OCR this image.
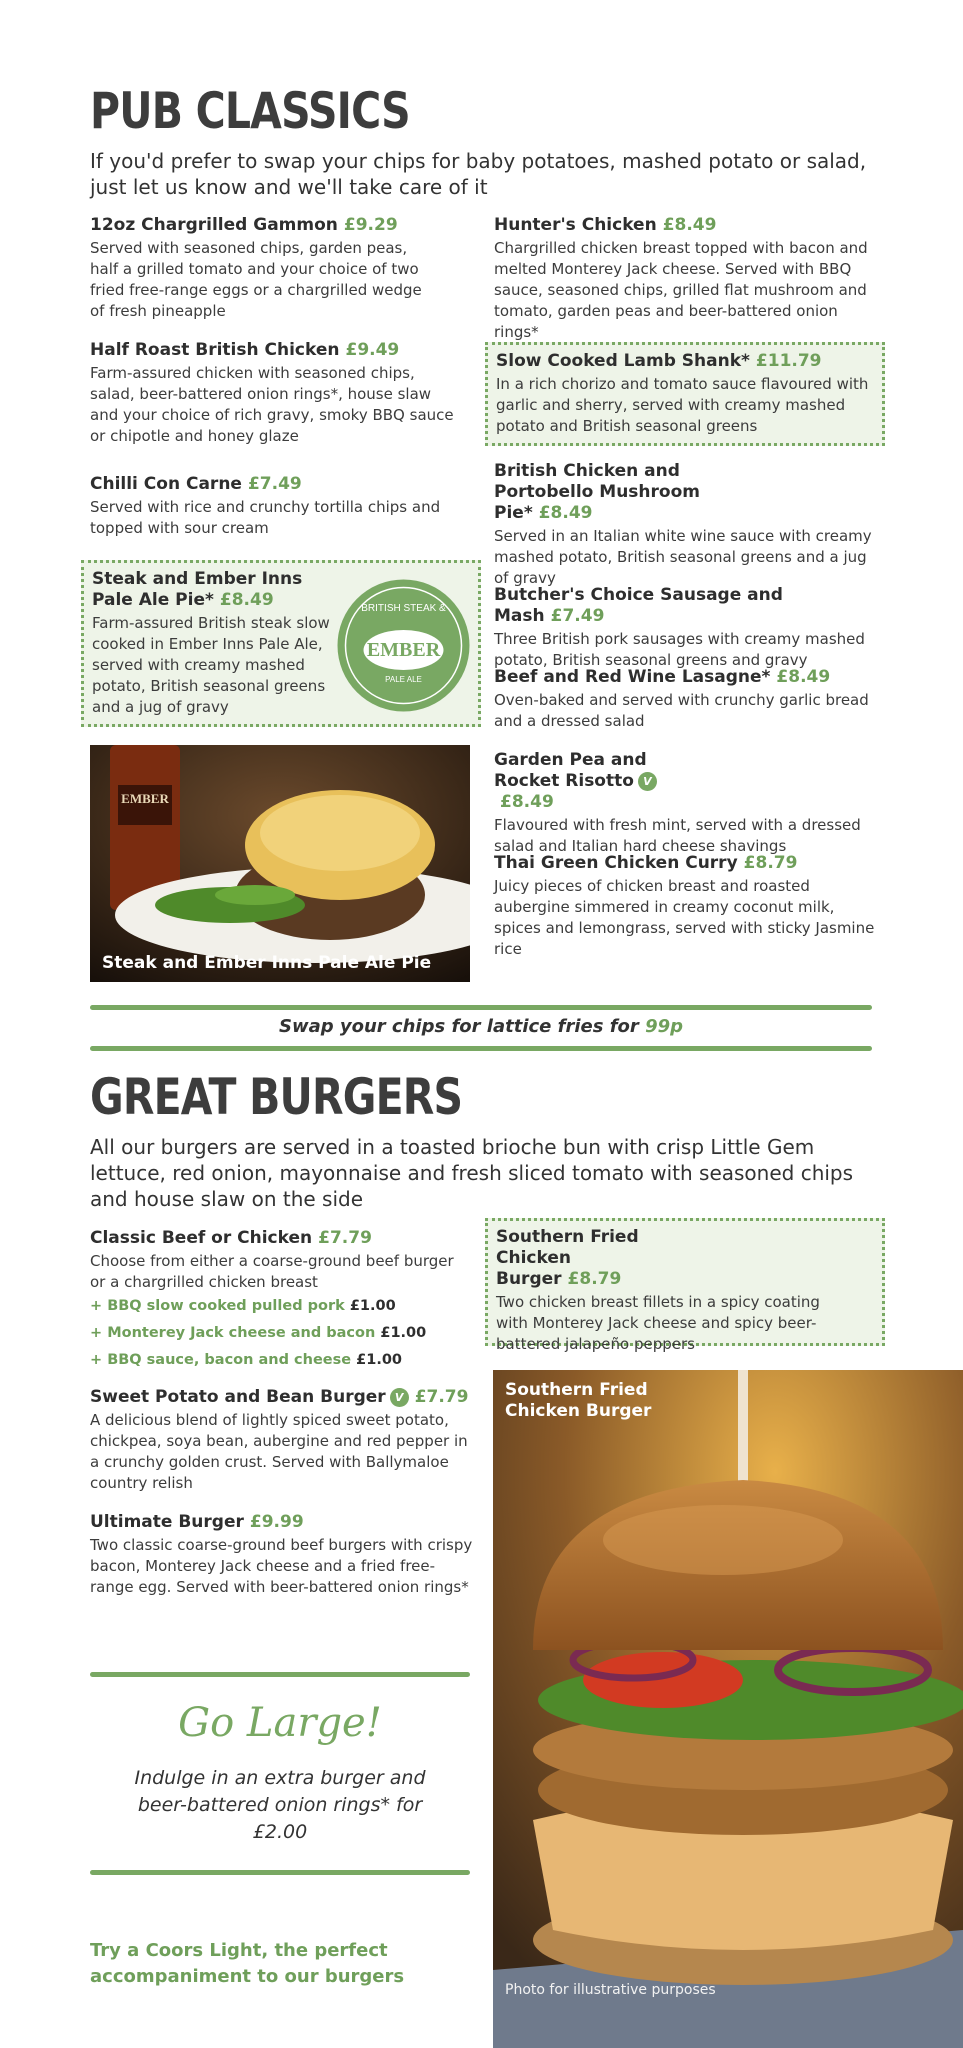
PUB CLASSICS
If you'd prefer to swap your chips for baby potatoes, mashed potato or salad, just let us know and we'll take care of it
12oz Chargrilled Gammon £9.29
Served with seasoned chips, garden peas, half a grilled tomato and your choice of two fried free-range eggs or a chargrilled wedge of fresh pineapple
Half Roast British Chicken £9.49
Farm-assured chicken with seasoned chips, salad, beer-battered onion rings*, house slaw and your choice of rich gravy, smoky BBQ sauce or chipotle and honey glaze
Chilli Con Carne £7.49
Served with rice and crunchy tortilla chips and topped with sour cream
Steak and Ember Inns Pale Ale Pie* £8.49
Farm-assured British steak slow cooked in Ember Inns Pale Ale, served with creamy mashed potato, British seasonal greens and a jug of gravy
BRITISH STEAK &
EMBER
PALE ALE
EMBER
Steak and Ember Inns Pale Ale Pie
Hunter's Chicken £8.49
Chargrilled chicken breast topped with bacon and melted Monterey Jack cheese. Served with BBQ sauce, seasoned chips, grilled flat mushroom and tomato, garden peas and beer-battered onion rings*
Slow Cooked Lamb Shank* £11.79
In a rich chorizo and tomato sauce flavoured with garlic and sherry, served with creamy mashed potato and British seasonal greens
British Chicken and Portobello Mushroom Pie* £8.49
Served in an Italian white wine sauce with creamy mashed potato, British seasonal greens and a jug of gravy
Butcher's Choice Sausage and Mash £7.49
Three British pork sausages with creamy mashed potato, British seasonal greens and gravy
Beef and Red Wine Lasagne* £8.49
Oven-baked and served with crunchy garlic bread and a dressed salad
Garden Pea and Rocket Risotto V£8.49
Flavoured with fresh mint, served with a dressed salad and Italian hard cheese shavings
Thai Green Chicken Curry £8.79
Juicy pieces of chicken breast and roasted aubergine simmered in creamy coconut milk, spices and lemongrass, served with sticky Jasmine rice
Swap your chips for lattice fries for 99p
GREAT BURGERS
All our burgers are served in a toasted brioche bun with crisp Little Gem lettuce, red onion, mayonnaise and fresh sliced tomato with seasoned chips and house slaw on the side
Classic Beef or Chicken £7.79
Choose from either a coarse-ground beef burger or a chargrilled chicken breast
+ BBQ slow cooked pulled pork £1.00
+ Monterey Jack cheese and bacon £1.00
+ BBQ sauce, bacon and cheese £1.00
Sweet Potato and Bean Burger V £7.79
A delicious blend of lightly spiced sweet potato, chickpea, soya bean, aubergine and red pepper in a crunchy golden crust. Served with Ballymaloe country relish
Ultimate Burger £9.99
Two classic coarse-ground beef burgers with crispy bacon, Monterey Jack cheese and a fried free-range egg. Served with beer-battered onion rings*
Go Large!
Indulge in an extra burger and beer-battered onion rings* for £2.00
Try a Coors Light, the perfect accompaniment to our burgers
Southern Fried Chicken Burger £8.79
Two chicken breast fillets in a spicy coating with Monterey Jack cheese and spicy beer-battered jalapeño peppers
Southern Fried Chicken Burger
Photo for illustrative purposes
